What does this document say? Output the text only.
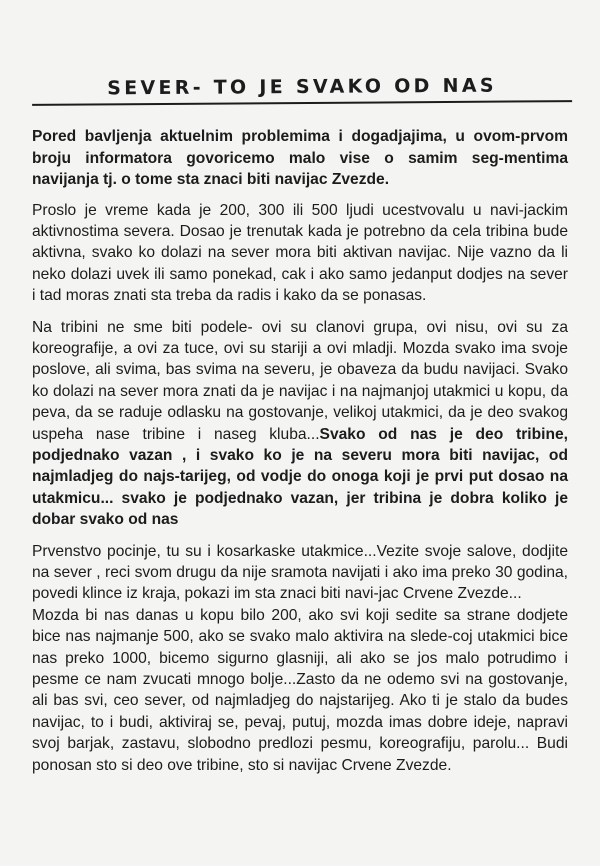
SEVER- TO JE SVAKO OD NAS

Pored bavljenja aktuelnim problemima i dogadjajima, u ovom-prvom broju informatora govoricemo malo vise o samim seg-mentima navijanja tj. o tome sta znaci biti navijac Zvezde.

Proslo je vreme kada je 200, 300 ili 500 ljudi ucestvovalu u navi-jackim aktivnostima severa. Dosao je trenutak kada je potrebno da cela tribina bude aktivna, svako ko dolazi na sever mora biti aktivan navijac. Nije vazno da li neko dolazi uvek ili samo ponekad, cak i ako samo jedanput dodjes na sever i tad moras znati sta treba da radis i kako da se ponasas.

Na tribini ne sme biti podele- ovi su clanovi grupa, ovi nisu, ovi su za koreografije, a ovi za tuce, ovi su stariji a ovi mladji. Mozda svako ima svoje poslove, ali svima, bas svima na severu, je obaveza da budu navijaci. Svako ko dolazi na sever mora znati da je navijac i na najmanjoj utakmici u kopu, da peva, da se raduje odlasku na gostovanje, velikoj utakmici, da je deo svakog uspeha nase tribine i naseg kluba...Svako od nas je deo tribine, podjednako vazan , i svako ko je na severu mora biti navijac, od najmladjeg do najs-tarijeg, od vodje do onoga koji je prvi put dosao na utakmicu... svako je podjednako vazan, jer tribina je dobra koliko je dobar svako od nas

Prvenstvo pocinje, tu su i kosarkaske utakmice...Vezite svoje salove, dodjite na sever , reci svom drugu da nije sramota navijati i ako ima preko 30 godina, povedi klince iz kraja, pokazi im sta znaci biti navi-jac Crvene Zvezde...

Mozda bi nas danas u kopu bilo 200, ako svi koji sedite sa strane dodjete bice nas najmanje 500, ako se svako malo aktivira na slede-coj utakmici bice nas preko 1000, bicemo sigurno glasniji, ali ako se jos malo potrudimo i pesme ce nam zvucati mnogo bolje...Zasto da ne odemo svi na gostovanje, ali bas svi, ceo sever, od najmladjeg do najstarijeg. Ako ti je stalo da budes navijac, to i budi, aktiviraj se, pevaj, putuj, mozda imas dobre ideje, napravi svoj barjak, zastavu, slobodno predlozi pesmu, koreografiju, parolu... Budi ponosan sto si deo ove tribine, sto si navijac Crvene Zvezde.
